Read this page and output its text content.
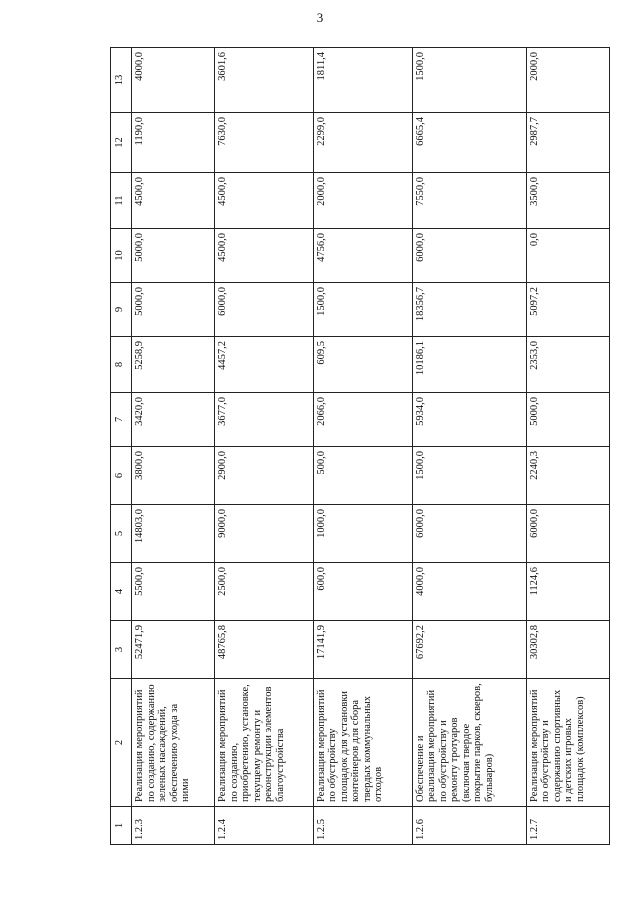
3
1	2	3	4	5	6	7	8	9	10	11	12	13
1.2.3	Реализация мероприятий по созданию, содержанию зеленых насаждений, обеспечению ухода за ними	52471,9	5500,0	14803,0	3800,0	3420,0	5258,9	5000,0	5000,0	4500,0	1190,0	4000,0
1.2.4	Реализация мероприятий по созданию, приобретению, установке, текущему ремонту и реконструкции элементов благоустройства	48765,8	2500,0	9000,0	2900,0	3677,0	4457,2	6000,0	4500,0	4500,0	7630,0	3601,6
1.2.5	Реализация мероприятий по обустройству площадок для установки контейнеров для сбора твердых коммунальных отходов	17141,9	600,0	1000,0	500,0	2066,0	609,5	1500,0	4756,0	2000,0	2299,0	1811,4
1.2.6	Обеспечение и реализация мероприятий по обустройству и ремонту тротуаров (включая твердое покрытие парков, скверов, бульваров)	67692,2	4000,0	6000,0	1500,0	5934,0	10186,1	18356,7	6000,0	7550,0	6665,4	1500,0
1.2.7	Реализация мероприятий по обустройству и содержанию спортивных и детских игровых площадок (комплексов)	30302,8	1124,6	6000,0	2240,3	5000,0	2353,0	5097,2	0,0	3500,0	2987,7	2000,0
